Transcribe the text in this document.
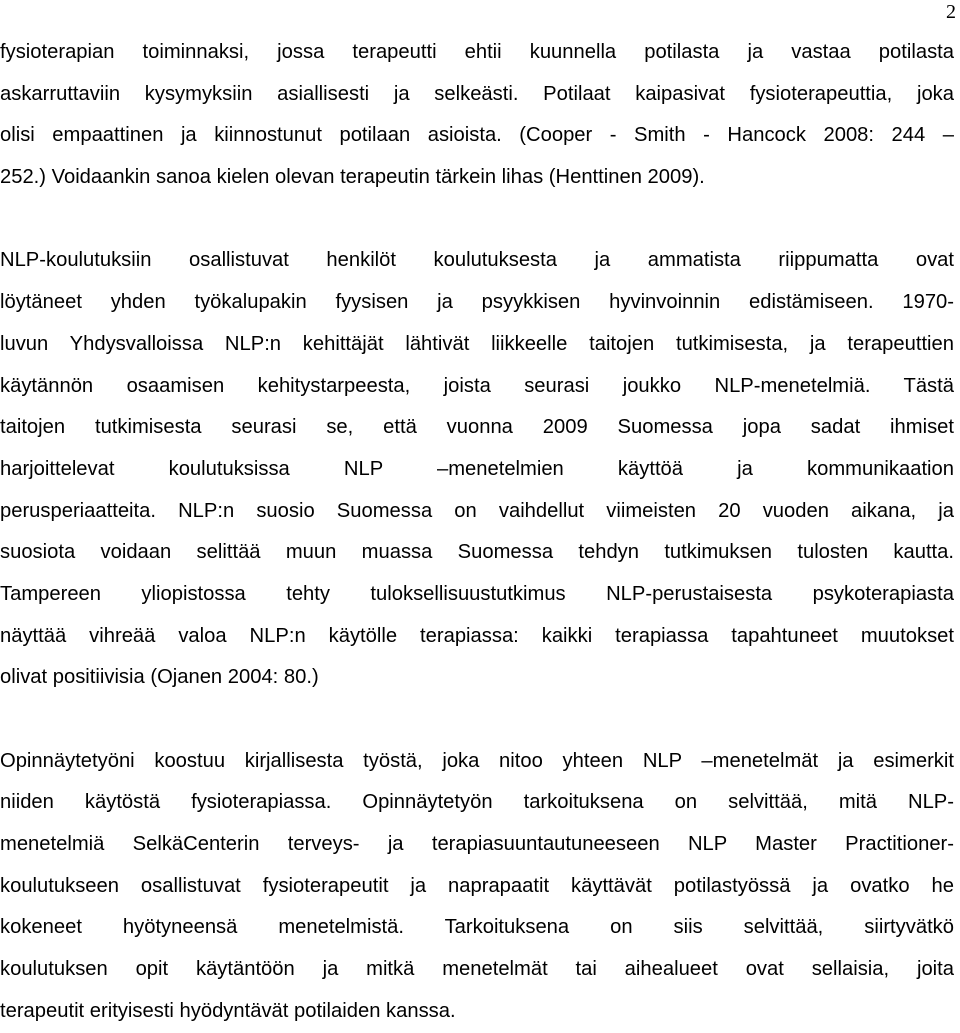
2
fysioterapian toiminnaksi, jossa terapeutti ehtii kuunnella potilasta ja vastaa potilasta
askarruttaviin kysymyksiin asiallisesti ja selkeästi. Potilaat kaipasivat fysioterapeuttia, joka
olisi empaattinen ja kiinnostunut potilaan asioista. (Cooper - Smith - Hancock 2008: 244 –
252.) Voidaankin sanoa kielen olevan terapeutin tärkein lihas (Henttinen 2009).
NLP-koulutuksiin osallistuvat henkilöt koulutuksesta ja ammatista riippumatta ovat
löytäneet yhden työkalupakin fyysisen ja psyykkisen hyvinvoinnin edistämiseen. 1970-
luvun Yhdysvalloissa NLP:n kehittäjät lähtivät liikkeelle taitojen tutkimisesta, ja terapeuttien
käytännön osaamisen kehitystarpeesta, joista seurasi joukko NLP-menetelmiä. Tästä
taitojen tutkimisesta seurasi se, että vuonna 2009 Suomessa jopa sadat ihmiset
harjoittelevat koulutuksissa NLP –menetelmien käyttöä ja kommunikaation
perusperiaatteita. NLP:n suosio Suomessa on vaihdellut viimeisten 20 vuoden aikana, ja
suosiota voidaan selittää muun muassa Suomessa tehdyn tutkimuksen tulosten kautta.
Tampereen yliopistossa tehty tuloksellisuustutkimus NLP-perustaisesta psykoterapiasta
näyttää vihreää valoa NLP:n käytölle terapiassa: kaikki terapiassa tapahtuneet muutokset
olivat positiivisia (Ojanen 2004: 80.)
Opinnäytetyöni koostuu kirjallisesta työstä, joka nitoo yhteen NLP –menetelmät ja esimerkit
niiden käytöstä fysioterapiassa. Opinnäytetyön tarkoituksena on selvittää, mitä NLP-
menetelmiä SelkäCenterin terveys- ja terapiasuuntautuneeseen NLP Master Practitioner-
koulutukseen osallistuvat fysioterapeutit ja naprapaatit käyttävät potilastyössä ja ovatko he
kokeneet hyötyneensä menetelmistä. Tarkoituksena on siis selvittää, siirtyvätkö
koulutuksen opit käytäntöön ja mitkä menetelmät tai aihealueet ovat sellaisia, joita
terapeutit erityisesti hyödyntävät potilaiden kanssa.
